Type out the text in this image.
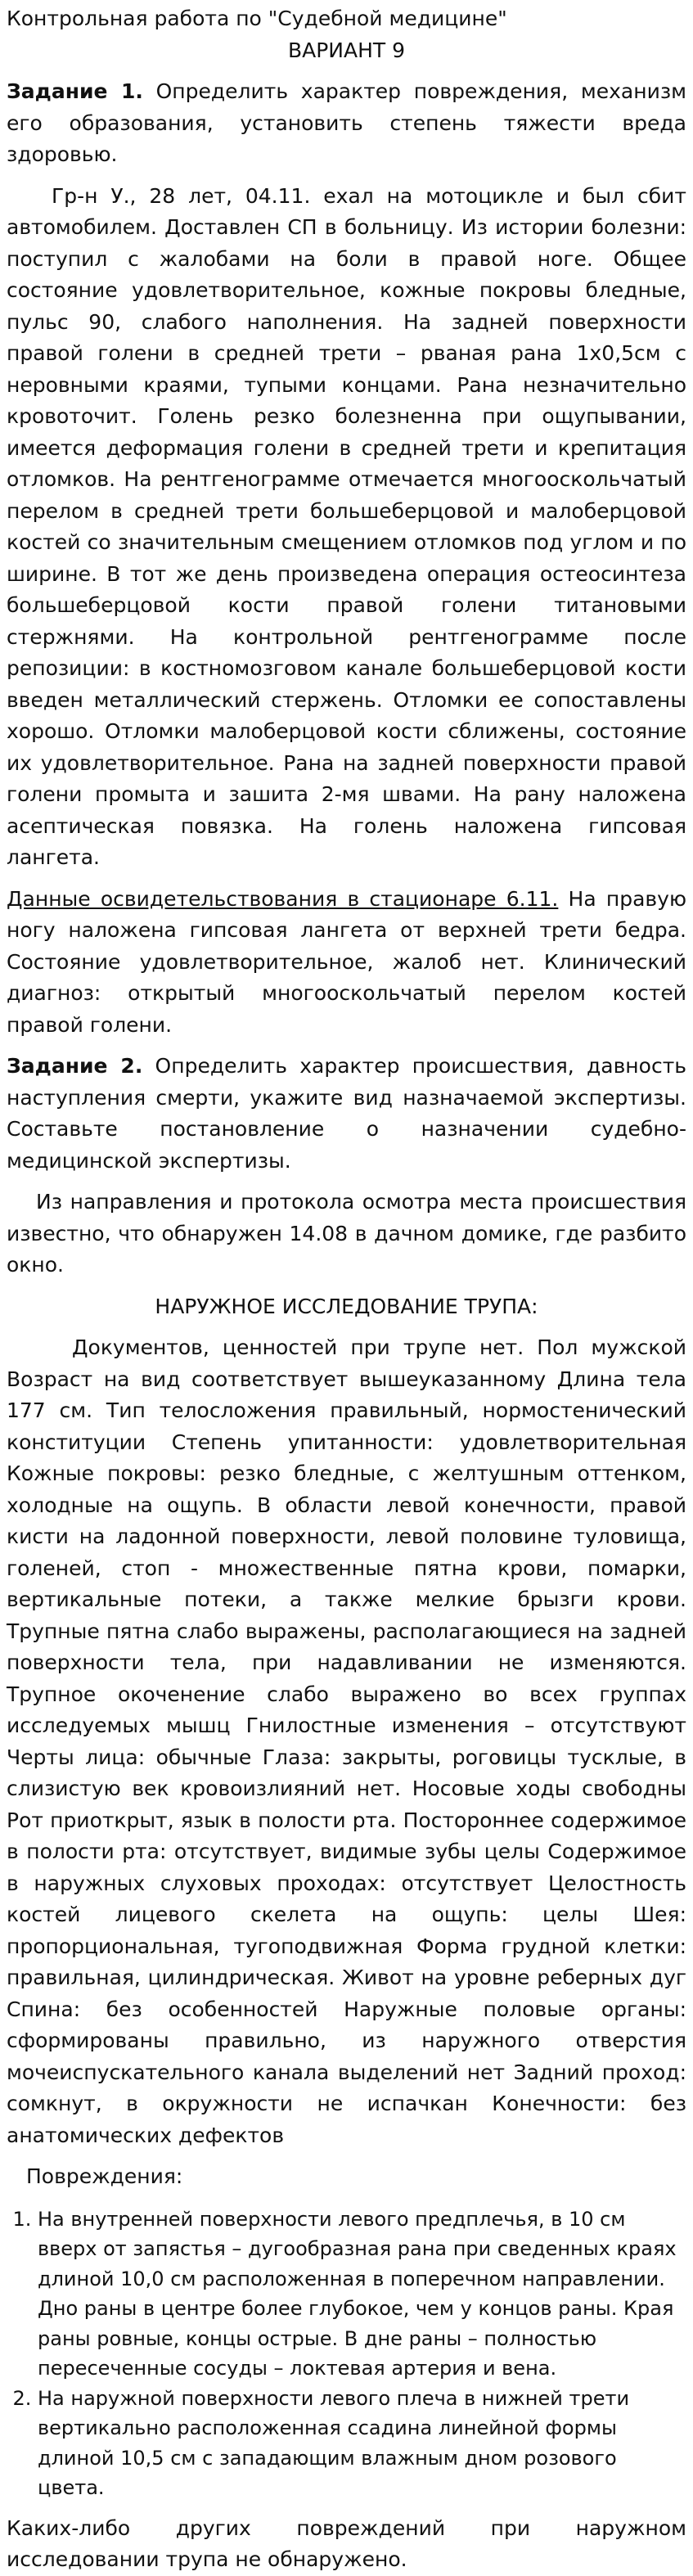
Контрольная работа по "Судебной медицине"

ВАРИАНТ 9

Задание 1. Определить характер повреждения, механизм его образования, установить степень тяжести вреда здоровью.

Гр-н У., 28 лет, 04.11. ехал на мотоцикле и был сбит автомобилем. Доставлен СП в больницу. Из истории болезни: поступил с жалобами на боли в правой ноге. Общее состояние удовлетворительное, кожные покровы бледные, пульс 90, слабого наполнения. На задней поверхности правой голени в средней трети – рваная рана 1х0,5см с неровными краями, тупыми концами. Рана незначительно кровоточит. Голень резко болезненна при ощупывании, имеется деформация голени в средней трети и крепитация отломков. На рентгенограмме отмечается многооскольчатый перелом в средней трети большеберцовой и малоберцовой костей со значительным смещением отломков под углом и по ширине. В тот же день произведена операция остеосинтеза большеберцовой кости правой голени титановыми стержнями. На контрольной рентгенограмме после репозиции: в костномозговом канале большеберцовой кости введен металлический стержень. Отломки ее сопоставлены хорошо. Отломки малоберцовой кости сближены, состояние их удовлетворительное. Рана на задней поверхности правой голени промыта и зашита 2-мя швами. На рану наложена асептическая повязка. На голень наложена гипсовая лангета.

Данные освидетельствования в стационаре 6.11. На правую ногу наложена гипсовая лангета от верхней трети бедра. Состояние удовлетворительное, жалоб нет. Клинический диагноз: открытый многооскольчатый перелом костей правой голени.

Задание 2. Определить характер происшествия, давность наступления смерти, укажите вид назначаемой экспертизы. Составьте постановление о назначении судебно-медицинской экспертизы.

Из направления и протокола осмотра места происшествия известно, что обнаружен 14.08 в дачном домике, где разбито окно.

НАРУЖНОЕ ИССЛЕДОВАНИЕ ТРУПА:

Документов, ценностей при трупе нет. Пол мужской Возраст на вид соответствует вышеуказанному Длина тела 177 см. Тип телосложения правильный, нормостенический конституции Степень упитанности: удовлетворительная Кожные покровы: резко бледные, с желтушным оттенком, холодные на ощупь. В области левой конечности, правой кисти на ладонной поверхности, левой половине туловища, голеней, стоп - множественные пятна крови, помарки, вертикальные потеки, а также мелкие брызги крови. Трупные пятна слабо выражены, располагающиеся на задней поверхности тела, при надавливании не изменяются. Трупное окоченение слабо выражено во всех группах исследуемых мышц Гнилостные изменения – отсутствуют Черты лица: обычные Глаза: закрыты, роговицы тусклые, в слизистую век кровоизлияний нет. Носовые ходы свободны Рот приоткрыт, язык в полости рта. Постороннее содержимое в полости рта: отсутствует, видимые зубы целы Содержимое в наружных слуховых проходах: отсутствует Целостность костей лицевого скелета на ощупь: целы Шея: пропорциональная, тугоподвижная Форма грудной клетки: правильная, цилиндрическая. Живот на уровне реберных дуг Спина: без особенностей Наружные половые органы: сформированы правильно, из наружного отверстия мочеиспускательного канала выделений нет Задний проход: сомкнут, в окружности не испачкан Конечности: без анатомических дефектов

Повреждения:

1. На внутренней поверхности левого предплечья, в 10 см вверх от запястья – дугообразная рана при сведенных краях длиной 10,0 см расположенная в поперечном направлении. Дно раны в центре более глубокое, чем у концов раны. Края раны ровные, концы острые. В дне раны – полностью пересеченные сосуды – локтевая артерия и вена.
2. На наружной поверхности левого плеча в нижней трети вертикально расположенная ссадина линейной формы длиной 10,5 см с западающим влажным дном розового цвета.

Каких-либо других повреждений при наружном исследовании трупа не обнаружено.
